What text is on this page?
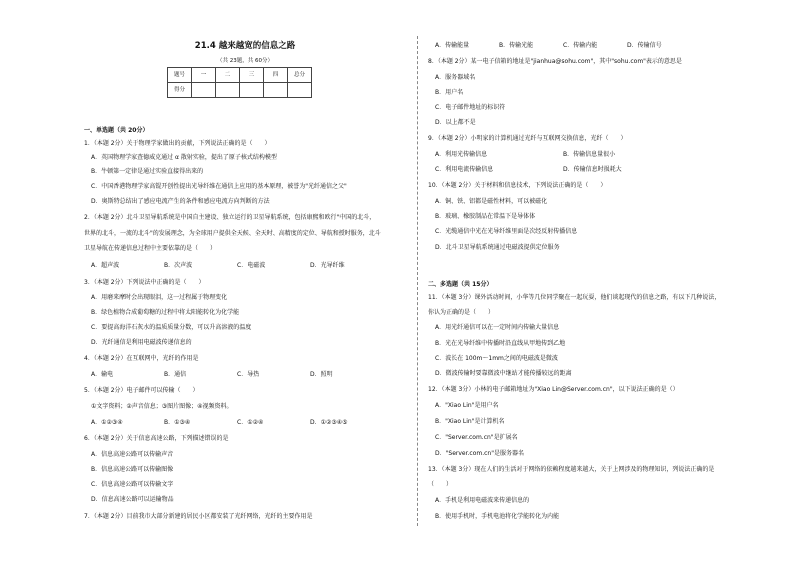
21.4 越来越宽的信息之路
（共 23题，共 60分）
题号	一	二	三	四	总分
得分					
一、单选题（共 20分）
1．（本题 2分）关于物理学家做出的贡献，下列说法正确的是（　　）
A．英国物理学家查德威克通过 α 散射实验，提出了原子核式结构模型
B．牛顿第一定律是通过实验直接得出来的
C．中国香港物理学家高锟开创性提出光导纤维在通信上应用的基本原理，被誉为"光纤通信之父"
D．奥斯特总结出了感应电流产生的条件和感应电流方向判断的方法
2．（本题 2分）北斗卫星导航系统是中国自主建设、独立运行的卫星导航系统，包括康熙和欧行"中国的北斗，
世界的北斗，一流的北斗"的发展理念，为全球用户提供全天候、全天时、高精度的定位、导航和授时服务，北斗
卫星导航在传递信息过程中主要依靠的是（　　）
A．超声波	B．次声波	C．电磁波	D．光导纤维
3．（本题 2分）下列说法中正确的是（　　）
A．用磨来摩时会出现眼泪，这一过程属于物理变化
B．绿色植物合成葡萄糖的过程中将太阳能转化为化学能
C．要提高海洋石灰水的温质质量分数，可以升高溶液的温度
D．光纤通信是利用电磁波传递信息的
4．（本题 2分）在互联网中，光纤的作用是
A．输电	B．通信	C．导热	D．照明
5．（本题 2分）电子邮件可以传输（　　）
①文字资料；②声音信息；③图片图像；④视频资料。
A．①②③④	B．①③④	C．①②④	D．①②③④⑤
6．（本题 2分）关于信息高速公路，下列描述错误的是
A．信息高速公路可以传输声音
B．信息高速公路可以传输图像
C．信息高速公路可以传输文字
D．信息高速公路可以运输物品
7．（本题 2分）目前我市大部分新建的居民小区都安装了光纤网络，光纤的主要作用是
A．传输能量	B．传输光能	C．传输内能	D．传输信号
8．（本题 2分）某一电子信箱的地址是"jianhua@sohu.com"，其中"sohu.com"表示的意思是
A．服务器域名
B．用户名
C．电子邮件地址的标识符
D．以上都不是
9．（本题 2分）小明家的计算机通过光纤与互联网交换信息，光纤（　　）
A．利用光传输信息	B．传输信息量很小
C．利用电流传输信息	D．传输信息时损耗大
10．（本题 2分）关于材料和信息技术，下列说法正确的是（　　）
A．铜、铁、铝都是磁性材料，可以被磁化
B．玻璃、橡胶制品在常温下是导体体
C．光缆通信中光在光导纤维里面是次经反射传播信息
D．北斗卫星导航系统通过电磁波提供定位服务
二、多选题（共 15分）
11．（本题 3分）课外活动时间，小华等几位同学聚在一起玩耍，他们谈起现代的信息之路，有以下几种说法，
你认为正确的是（　　）
A．用光纤通信可以在一定时间内传输大量信息
B．光在光导纤维中传播时沿直线从甲地传到乙地
C．波长在 100m～1mm之间的电磁波是微波
D．微波传输时要靠微波中继站才能传播较远的距离
12．（本题 3分）小林的电子邮箱地址为"Xiao Lin@Server.com.cn"，以下说法正确的是（）
A．"Xiao Lin"是用户名
B．"Xiao Lin"是计算机名
C．"Server.com.cn"是扩展名
D．"Server.com.cn"是服务器名
13．（本题 3分）现在人们的生活对于网络的依赖程度越来越大，关于上网涉及的物理知识，列说法正确的是
（　　）
A．手机是利用电磁波来传递信息的
B．使用手机时，手机电池将化学能转化为内能
